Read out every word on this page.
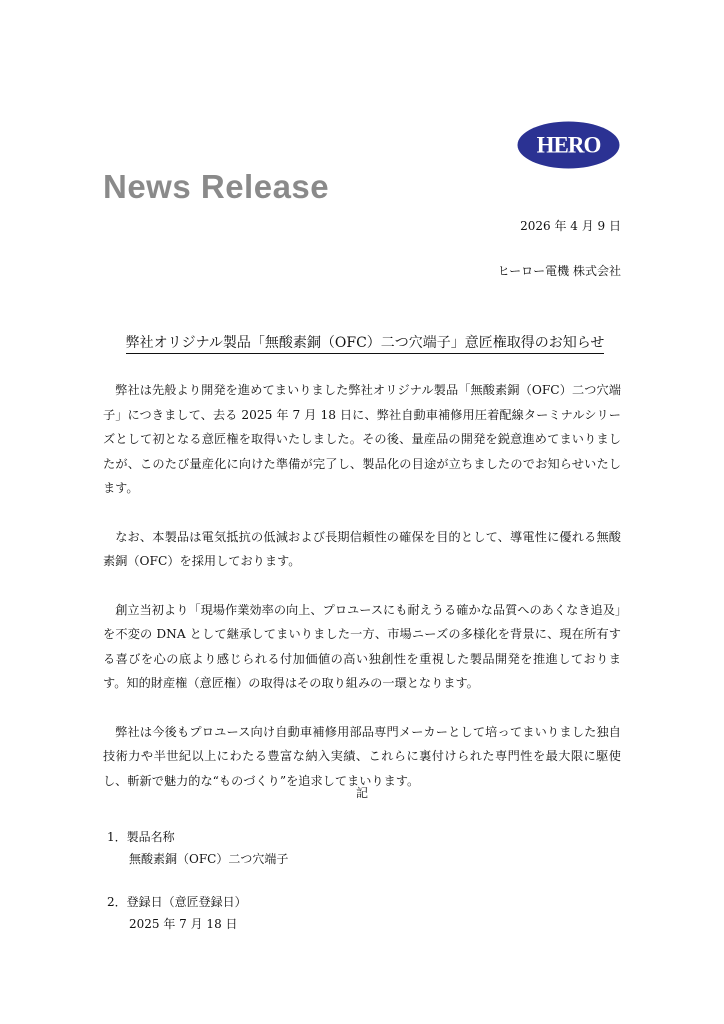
HERO
News Release
2026 年 4 月 9 日
ヒーロー電機 株式会社
弊社オリジナル製品「無酸素銅（OFC）二つ穴端子」意匠権取得のお知らせ

弊社は先般より開発を進めてまいりました弊社オリジナル製品「無酸素銅（OFC）二つ穴端子」につきまして、去る 2025 年 7 月 18 日に、弊社自動車補修用圧着配線ターミナルシリーズとして初となる意匠権を取得いたしました。その後、量産品の開発を鋭意進めてまいりましたが、このたび量産化に向けた準備が完了し、製品化の目途が立ちましたのでお知らせいたします。

なお、本製品は電気抵抗の低減および長期信頼性の確保を目的として、導電性に優れる無酸素銅（OFC）を採用しております。

創立当初より「現場作業効率の向上、プロユースにも耐えうる確かな品質へのあくなき追及」を不変の DNA として継承してまいりました一方、市場ニーズの多様化を背景に、現在所有する喜びを心の底より感じられる付加価値の高い独創性を重視した製品開発を推進しております。知的財産権（意匠権）の取得はその取り組みの一環となります。

弊社は今後もプロユース向け自動車補修用部品専門メーカーとして培ってまいりました独自技術力や半世紀以上にわたる豊富な納入実績、これらに裏付けられた専門性を最大限に駆使し、斬新で魅力的な“ものづくり”を追求してまいります。

記
1．製品名称
無酸素銅（OFC）二つ穴端子
2．登録日（意匠登録日）
2025 年 7 月 18 日
